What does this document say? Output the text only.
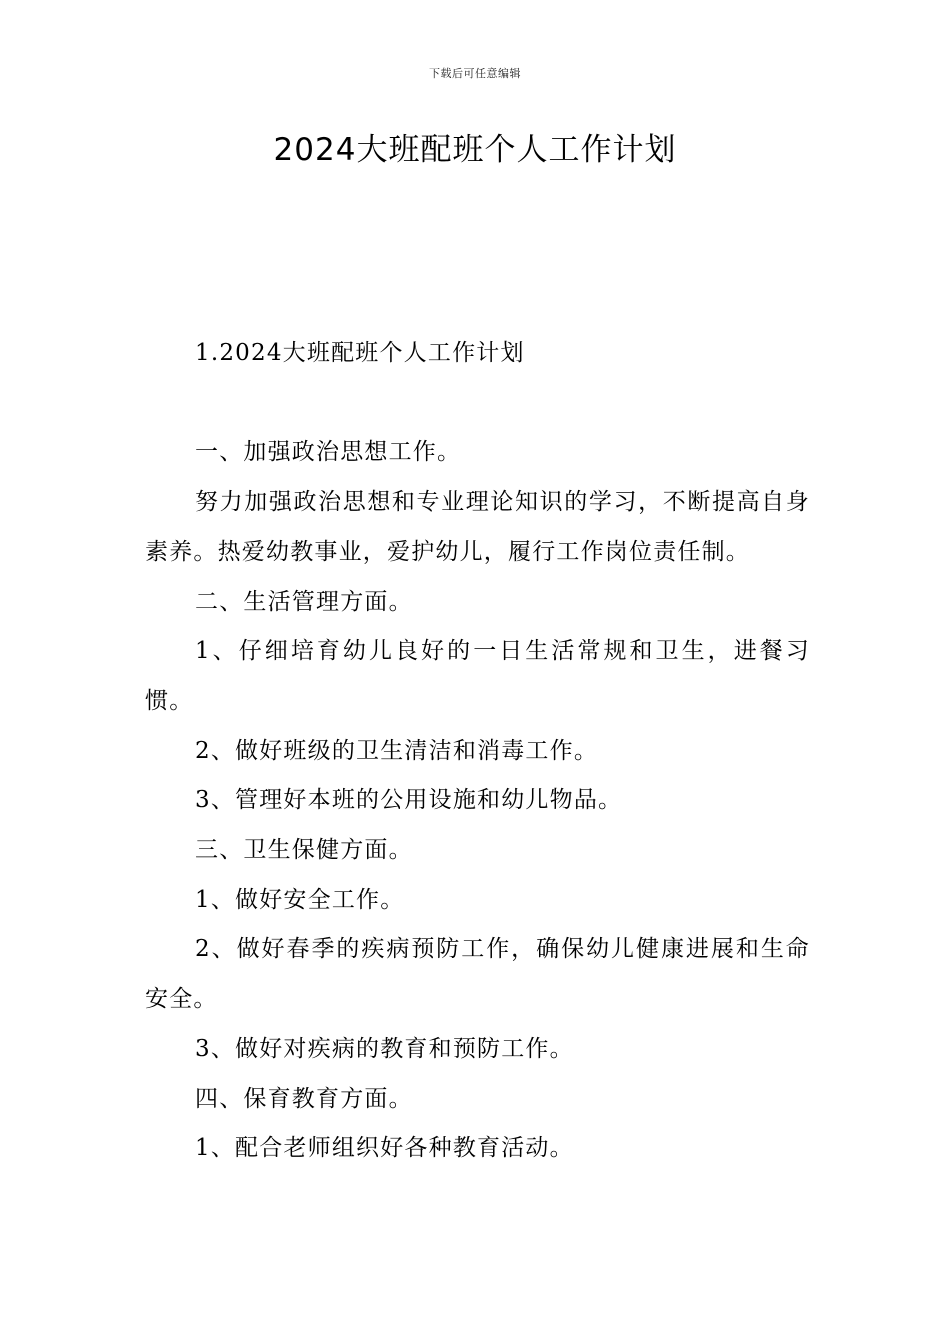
下载后可任意编辑
2024大班配班个人工作计划

1.2024大班配班个人工作计划

一、加强政治思想工作。

努力加强政治思想和专业理论知识的学习，不断提高自身素养。热爱幼教事业，爱护幼儿，履行工作岗位责任制。

二、生活管理方面。

1、仔细培育幼儿良好的一日生活常规和卫生，进餐习惯。

2、做好班级的卫生清洁和消毒工作。

3、管理好本班的公用设施和幼儿物品。

三、卫生保健方面。

1、做好安全工作。

2、做好春季的疾病预防工作，确保幼儿健康进展和生命安全。

3、做好对疾病的教育和预防工作。

四、保育教育方面。

1、配合老师组织好各种教育活动。
